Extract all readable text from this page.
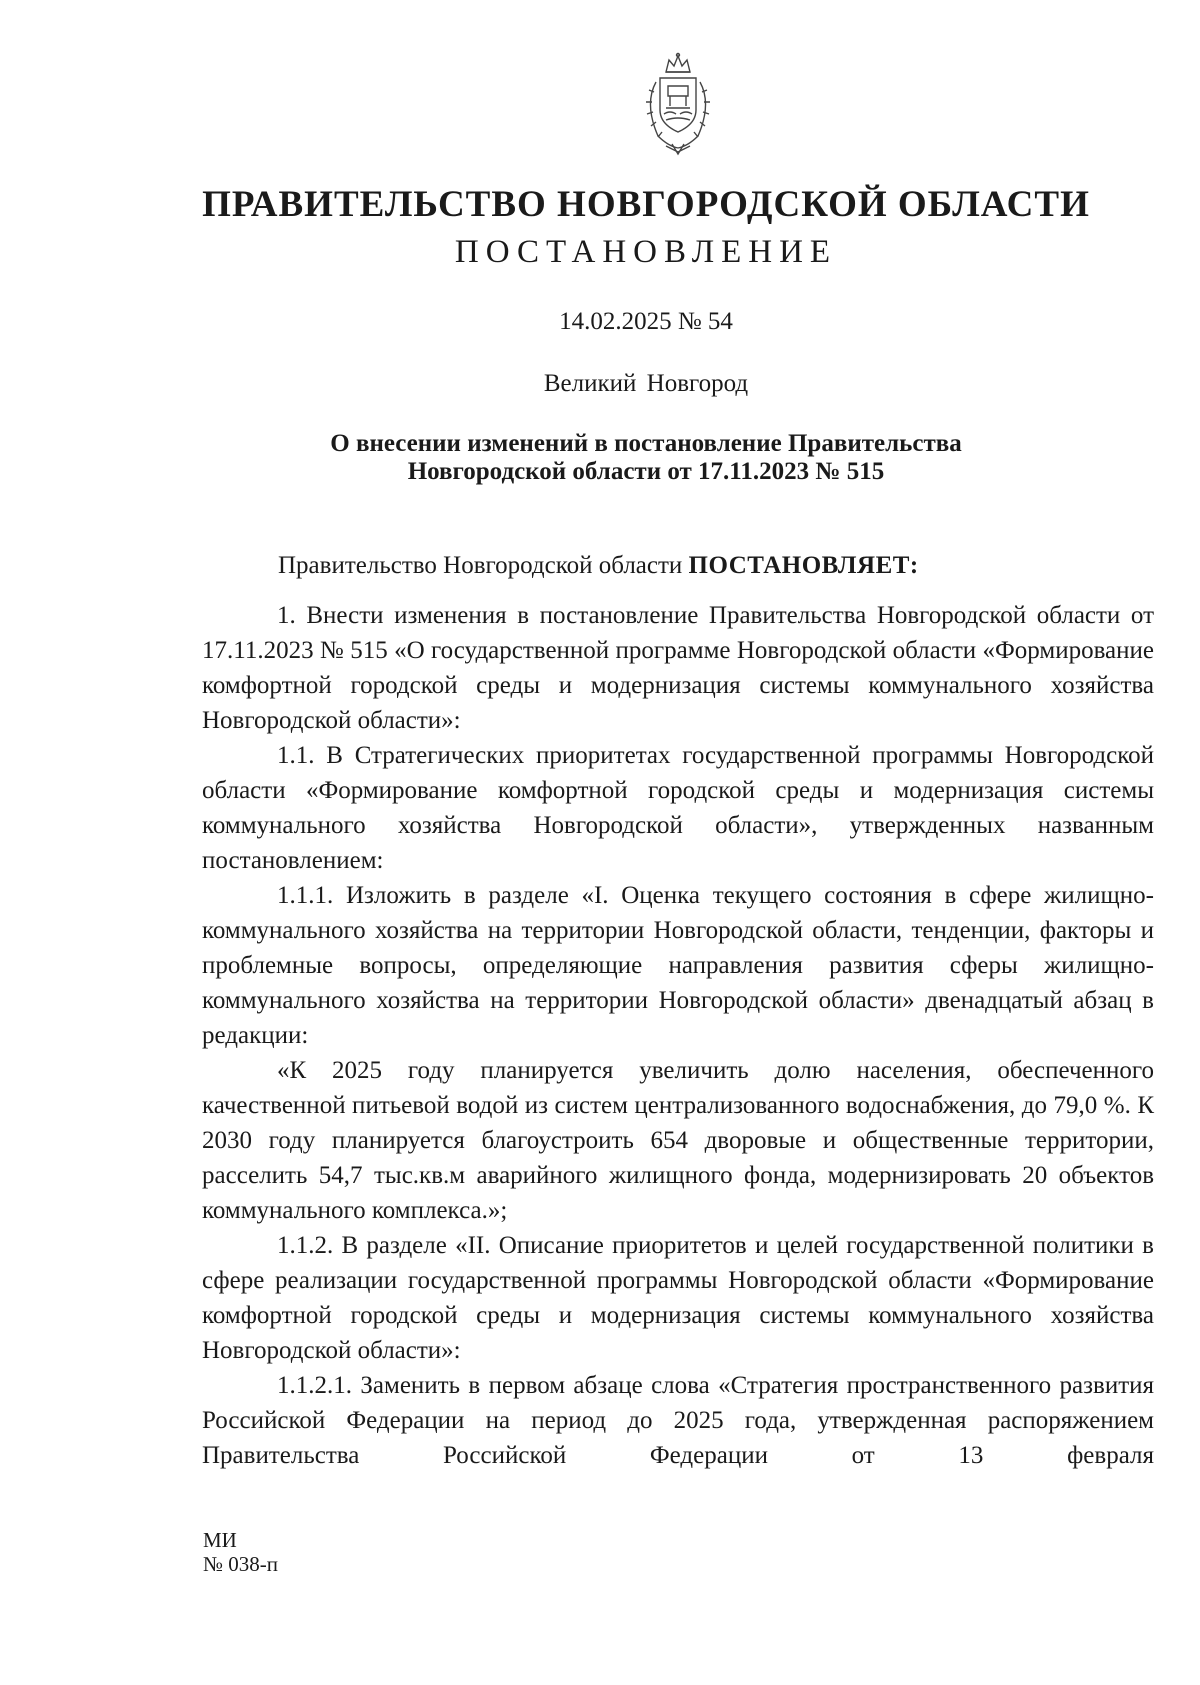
ПРАВИТЕЛЬСТВО НОВГОРОДСКОЙ ОБЛАСТИ
ПОСТАНОВЛЕНИЕ
14.02.2025 № 54
Великий Новгород
О внесении изменений в постановление Правительства
Новгородской области от 17.11.2023 № 515
Правительство Новгородской области ПОСТАНОВЛЯЕТ:

1. Внести изменения в постановление Правительства Новгородской области от 17.11.2023 № 515 «О государственной программе Новгородской области «Формирование комфортной городской среды и модернизация системы коммунального хозяйства Новгородской области»:

1.1. В Стратегических приоритетах государственной программы Новгородской области «Формирование комфортной городской среды и модернизация системы коммунального хозяйства Новгородской области», утвержденных названным постановлением:

1.1.1. Изложить в разделе «I. Оценка текущего состояния в сфере жилищно-коммунального хозяйства на территории Новгородской области, тенденции, факторы и проблемные вопросы, определяющие направления развития сферы жилищно-коммунального хозяйства на территории Новгородской области» двенадцатый абзац в редакции:

«К 2025 году планируется увеличить долю населения, обеспеченного качественной питьевой водой из систем централизованного водоснабжения, до 79,0 %. К 2030 году планируется благоустроить 654 дворовые и общественные территории, расселить 54,7 тыс.кв.м аварийного жилищного фонда, модернизировать 20 объектов коммунального комплекса.»;

1.1.2. В разделе «II. Описание приоритетов и целей государственной политики в сфере реализации государственной программы Новгородской области «Формирование комфортной городской среды и модернизация системы коммунального хозяйства Новгородской области»:

1.1.2.1. Заменить в первом абзаце слова «Стратегия пространственного развития Российской Федерации на период до 2025 года, утвержденная распоряжением Правительства Российской Федерации от 13 февраля

МИ
№ 038-п
